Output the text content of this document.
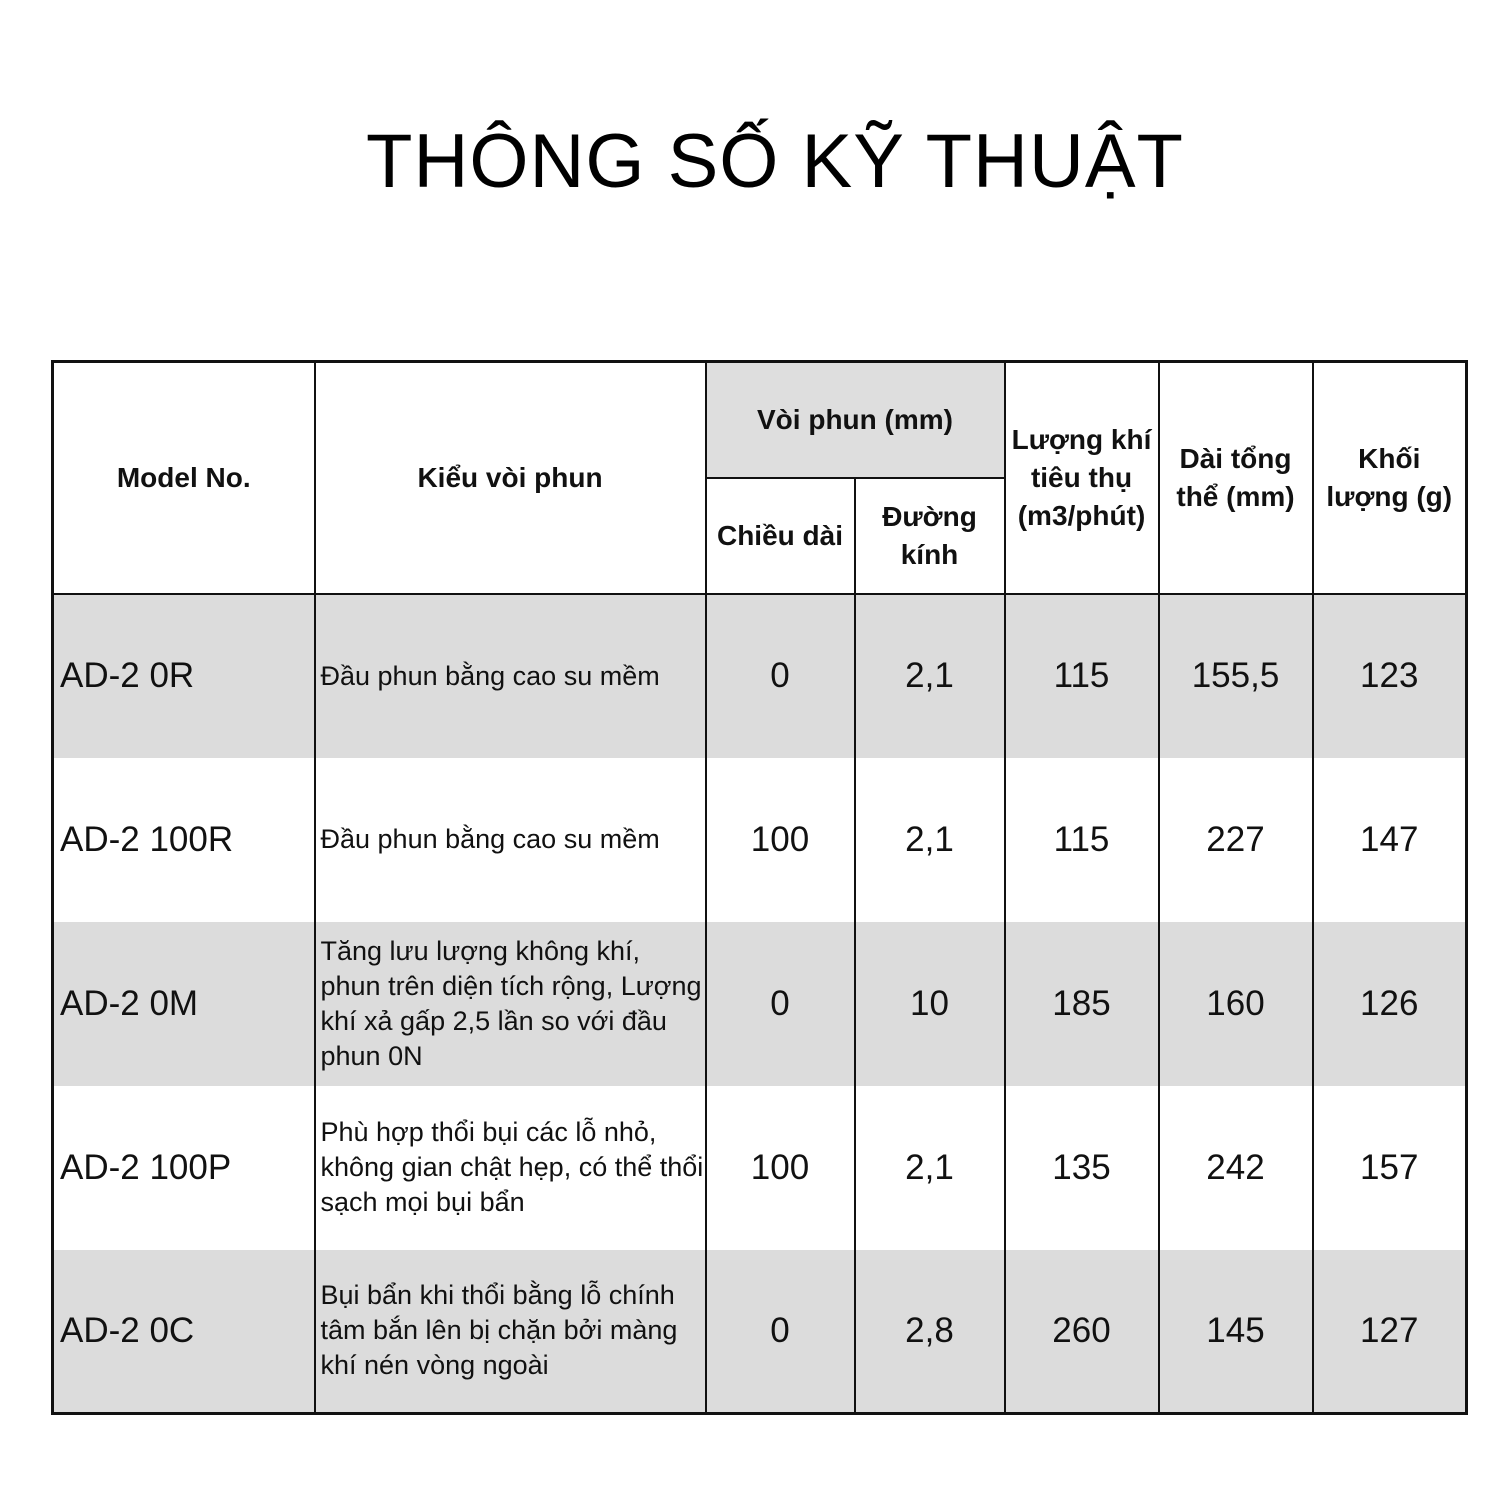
THÔNG SỐ KỸ THUẬT
Model No.	Kiểu vòi phun	Vòi phun (mm)		Lượng khí tiêu thụ (m3/phút)	Dài tổng thể (mm)	Khối lượng (g)
		Chiều dài	Đường kính			
AD-2 0R	Đầu phun bằng cao su mềm	0	2,1	115	155,5	123
AD-2 100R	Đầu phun bằng cao su mềm	100	2,1	115	227	147
AD-2 0M	Tăng lưu lượng không khí, phun trên diện tích rộng, Lượng khí xả gấp 2,5 lần so với đầu phun 0N	0	10	185	160	126
AD-2 100P	Phù hợp thổi bụi các lỗ nhỏ, không gian chật hẹp, có thể thổi sạch mọi bụi bẩn	100	2,1	135	242	157
AD-2 0C	Bụi bẩn khi thổi bằng lỗ chính tâm bắn lên bị chặn bởi màng khí nén vòng ngoài	0	2,8	260	145	127
